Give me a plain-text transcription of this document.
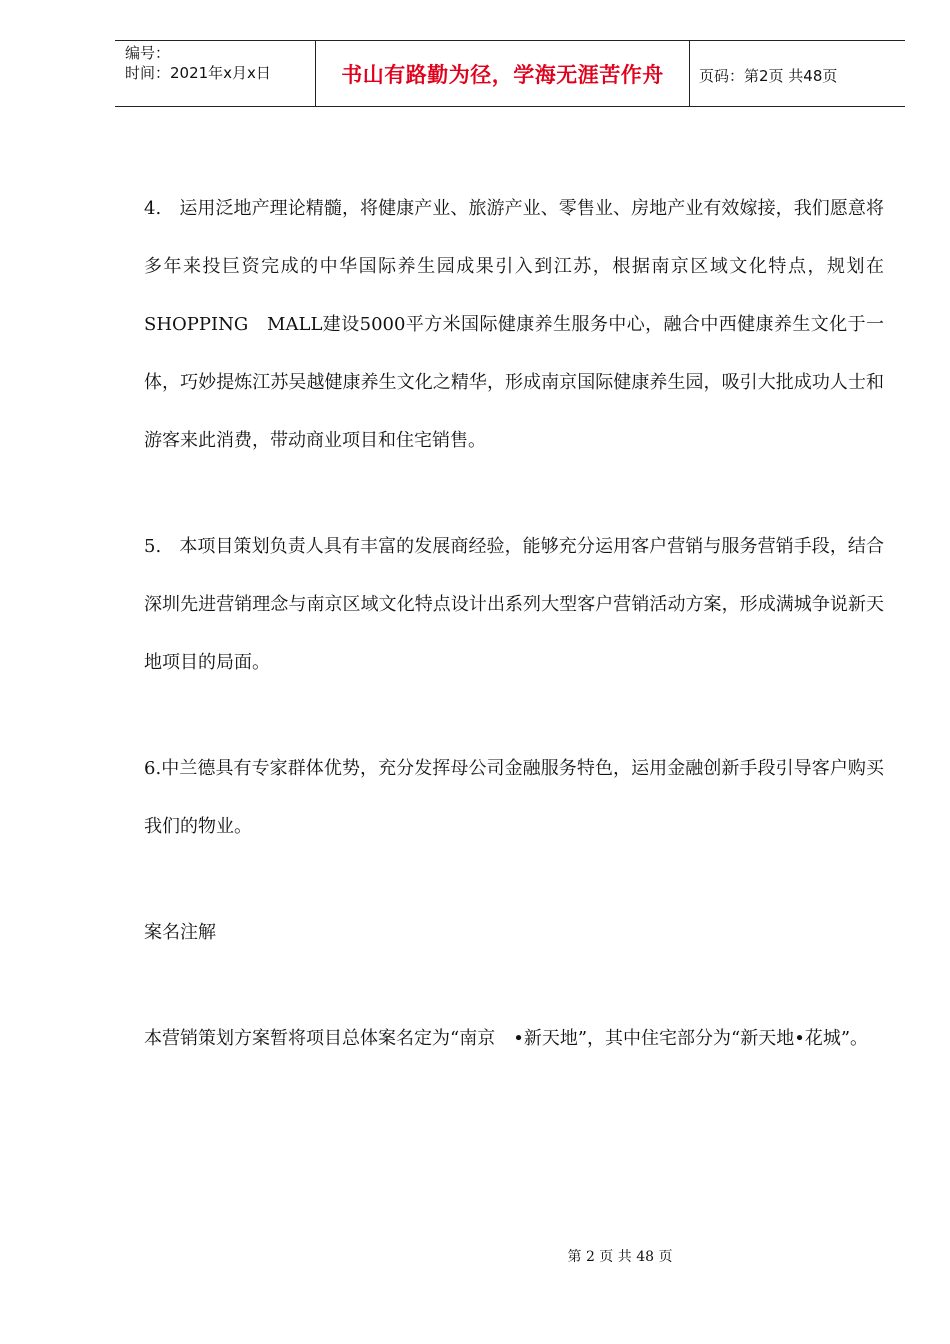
编号：
时间：2021年x月x日	书山有路勤为径，学海无涯苦作舟	页码：第2页 共48页

4.　运用泛地产理论精髓，将健康产业、旅游产业、零售业、房地产业有效嫁接，我们愿意将多年来投巨资完成的中华国际养生园成果引入到江苏，根据南京区域文化特点，规划在SHOPPING　MALL建设5000平方米国际健康养生服务中心，融合中西健康养生文化于一体，巧妙提炼江苏吴越健康养生文化之精华，形成南京国际健康养生园，吸引大批成功人士和游客来此消费，带动商业项目和住宅销售。

5.　本项目策划负责人具有丰富的发展商经验，能够充分运用客户营销与服务营销手段，结合深圳先进营销理念与南京区域文化特点设计出系列大型客户营销活动方案，形成满城争说新天地项目的局面。

6.中兰德具有专家群体优势，充分发挥母公司金融服务特色，运用金融创新手段引导客户购买我们的物业。

案名注解

本营销策划方案暂将项目总体案名定为“南京　•新天地”，其中住宅部分为“新天地•花城”。

第 2 页 共 48 页
